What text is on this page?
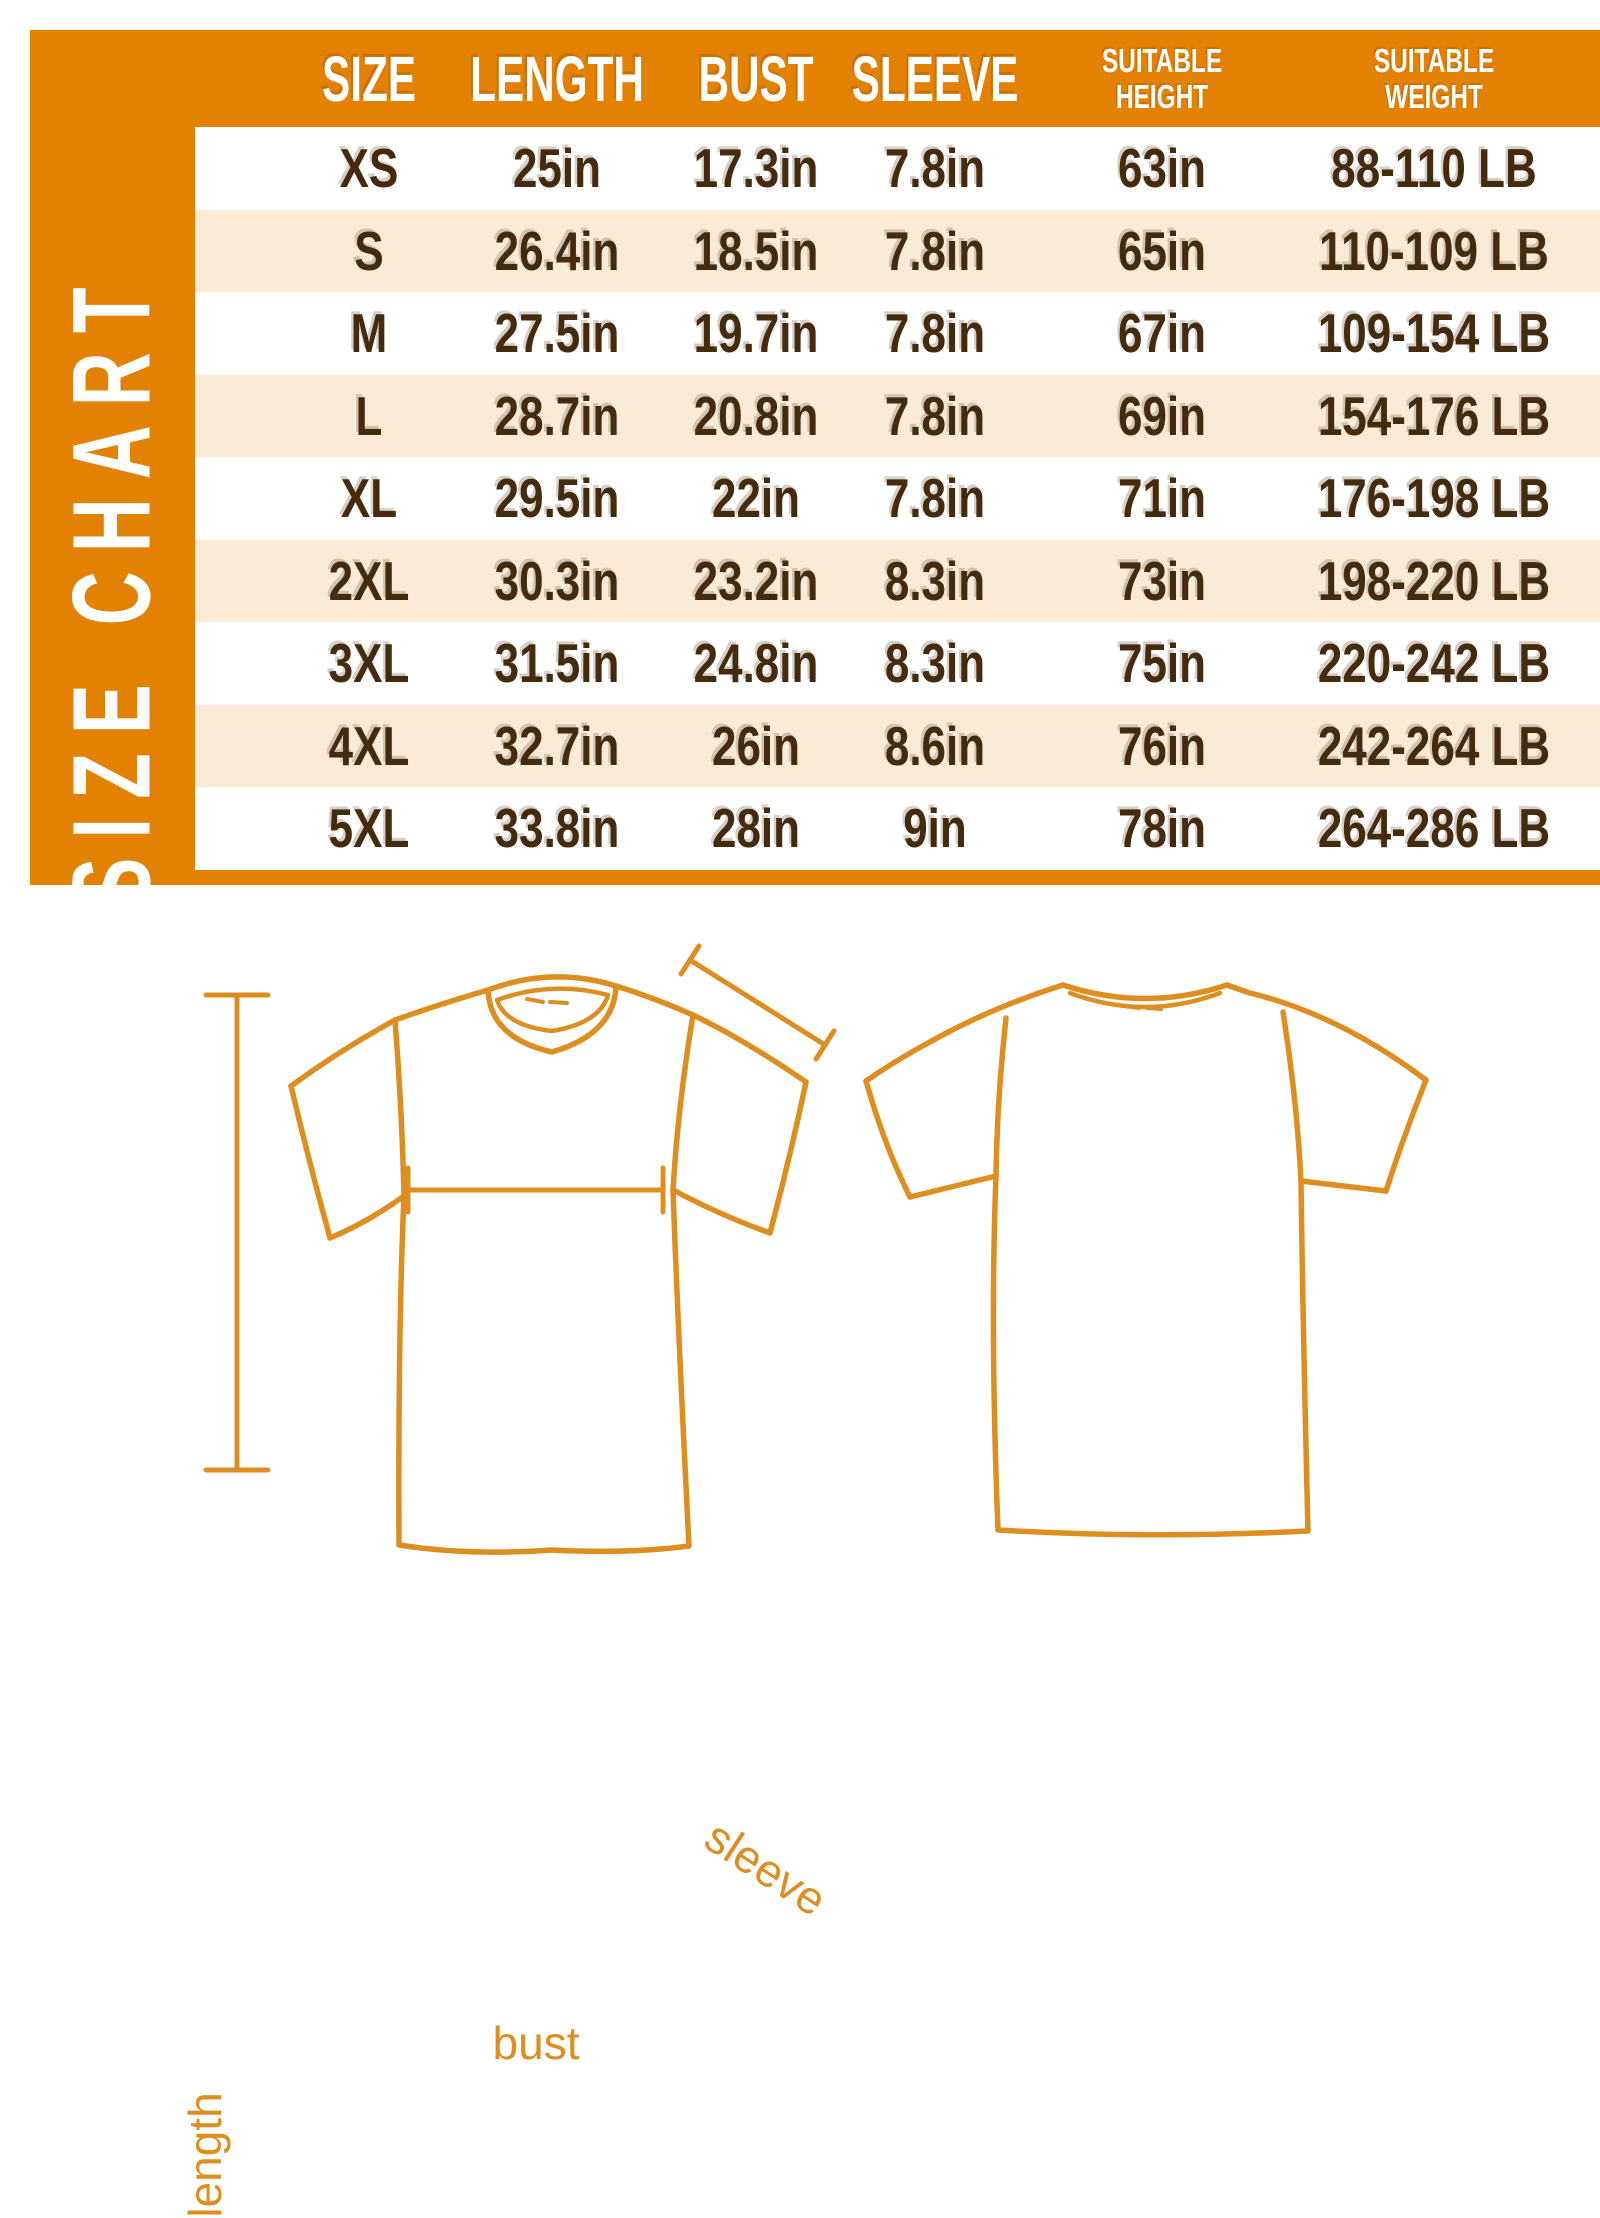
SIZE CHART
SIZE LENGTH BUST SLEEVE	SUITABLE
HEIGHT
SUITABLE
WEIGHT
XS 25in 17.3in 7.8in 63in 88-110 LB
S 26.4in 18.5in 7.8in 65in 110-109 LB
M 27.5in 19.7in 7.8in 67in 109-154 LB
L 28.7in 20.8in 7.8in 69in 154-176 LB
XL 29.5in 22in 7.8in 71in 176-198 LB
2XL 30.3in 23.2in 8.3in 73in 198-220 LB
3XL 31.5in 24.8in 8.3in 75in 220-242 LB
4XL 32.7in 26in 8.6in 76in 242-264 LB
5XL 33.8in 28in 9in	78in 264-286 LB
length
bust
sleeve
